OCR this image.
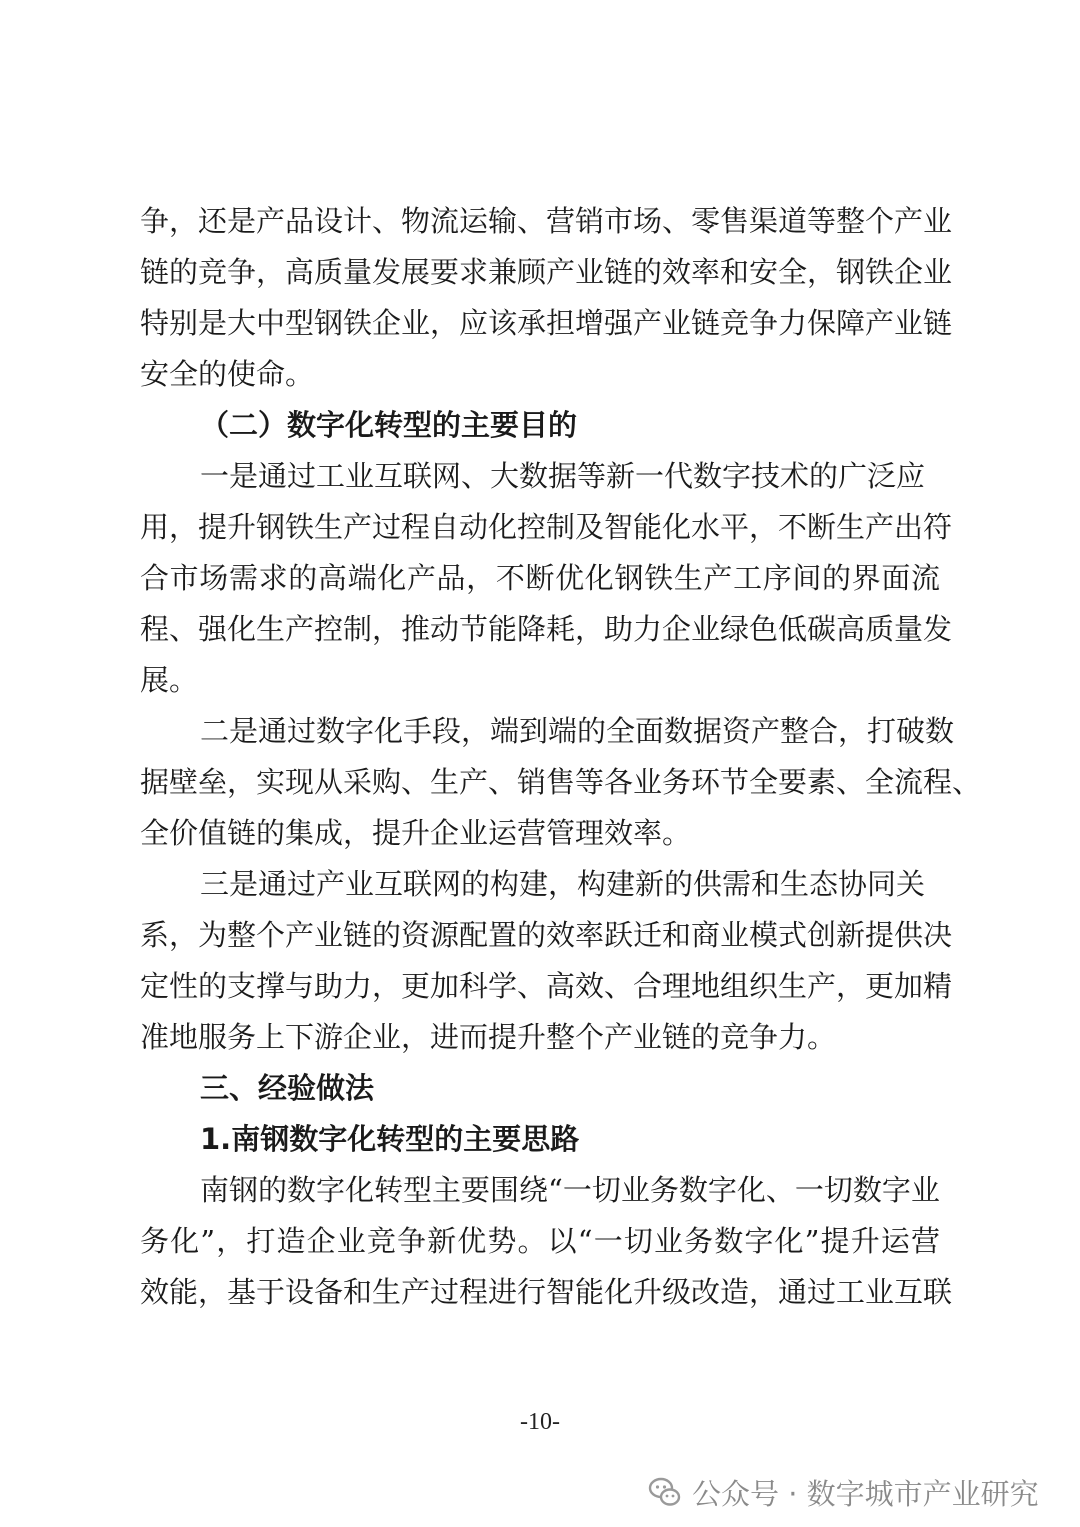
争，还是产品设计、物流运输、营销市场、零售渠道等整个产业
链的竞争，高质量发展要求兼顾产业链的效率和安全，钢铁企业
特别是大中型钢铁企业，应该承担增强产业链竞争力保障产业链
安全的使命。
（二）数字化转型的主要目的
一是通过工业互联网、大数据等新一代数字技术的广泛应
用，提升钢铁生产过程自动化控制及智能化水平，不断生产出符
合市场需求的高端化产品，不断优化钢铁生产工序间的界面流
程、强化生产控制，推动节能降耗，助力企业绿色低碳高质量发
展。
二是通过数字化手段，端到端的全面数据资产整合，打破数
据壁垒，实现从采购、生产、销售等各业务环节全要素、全流程、
全价值链的集成，提升企业运营管理效率。
三是通过产业互联网的构建，构建新的供需和生态协同关
系，为整个产业链的资源配置的效率跃迁和商业模式创新提供决
定性的支撑与助力，更加科学、高效、合理地组织生产，更加精
准地服务上下游企业，进而提升整个产业链的竞争力。
三、经验做法
1.南钢数字化转型的主要思路
南钢的数字化转型主要围绕“一切业务数字化、一切数字业
务化”，打造企业竞争新优势。以“一切业务数字化”提升运营
效能，基于设备和生产过程进行智能化升级改造，通过工业互联
-10-
公众号 · 数字城市产业研究
